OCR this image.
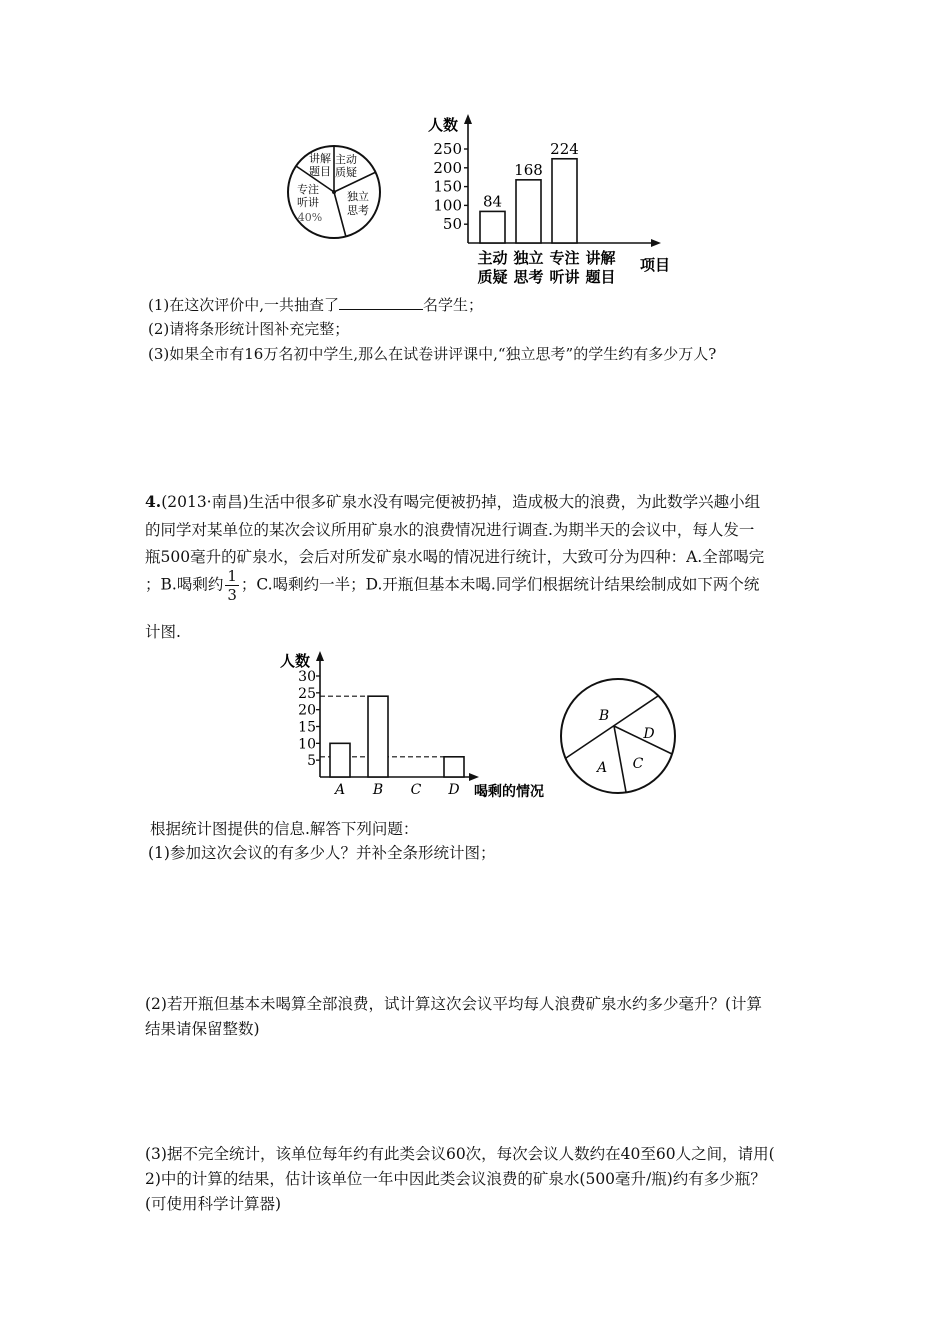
讲解
题目
主动
质疑
独立
思考
专注
听讲
40%
人数
50
100
150
200
250
84
168
224
主动
质疑
独立
思考
专注
听讲
讲解
题目
项目
(1)在这次评价中,一共抽查了	名学生；
(2)请将条形统计图补充完整；
(3)如果全市有16万名初中学生,那么在试卷讲评课中,“独立思考”的学生约有多少万人?
4.(2013·南昌)生活中很多矿泉水没有喝完便被扔掉，造成极大的浪费，为此数学兴趣小组
的同学对某单位的某次会议所用矿泉水的浪费情况进行调查.为期半天的会议中，每人发一
瓶500毫升的矿泉水，会后对所发矿泉水喝的情况进行统计，大致可分为四种：A.全部喝完
；B.喝剩约 $\frac{1}{3}$ ；C.喝剩约一半；D.开瓶但基本未喝.同学们根据统计结果绘制成如下两个统
计图.
人数
5
10
15
20
25
30
A B C D 喝剩的情况
B
D
C
A
根据统计图提供的信息.解答下列问题：
(1)参加这次会议的有多少人？并补全条形统计图；
(2)若开瓶但基本未喝算全部浪费，试计算这次会议平均每人浪费矿泉水约多少毫升？(计算
结果请保留整数)
(3)据不完全统计，该单位每年约有此类会议60次，每次会议人数约在40至60人之间，请用(
2)中的计算的结果，估计该单位一年中因此类会议浪费的矿泉水(500毫升/瓶)约有多少瓶？
(可使用科学计算器)
